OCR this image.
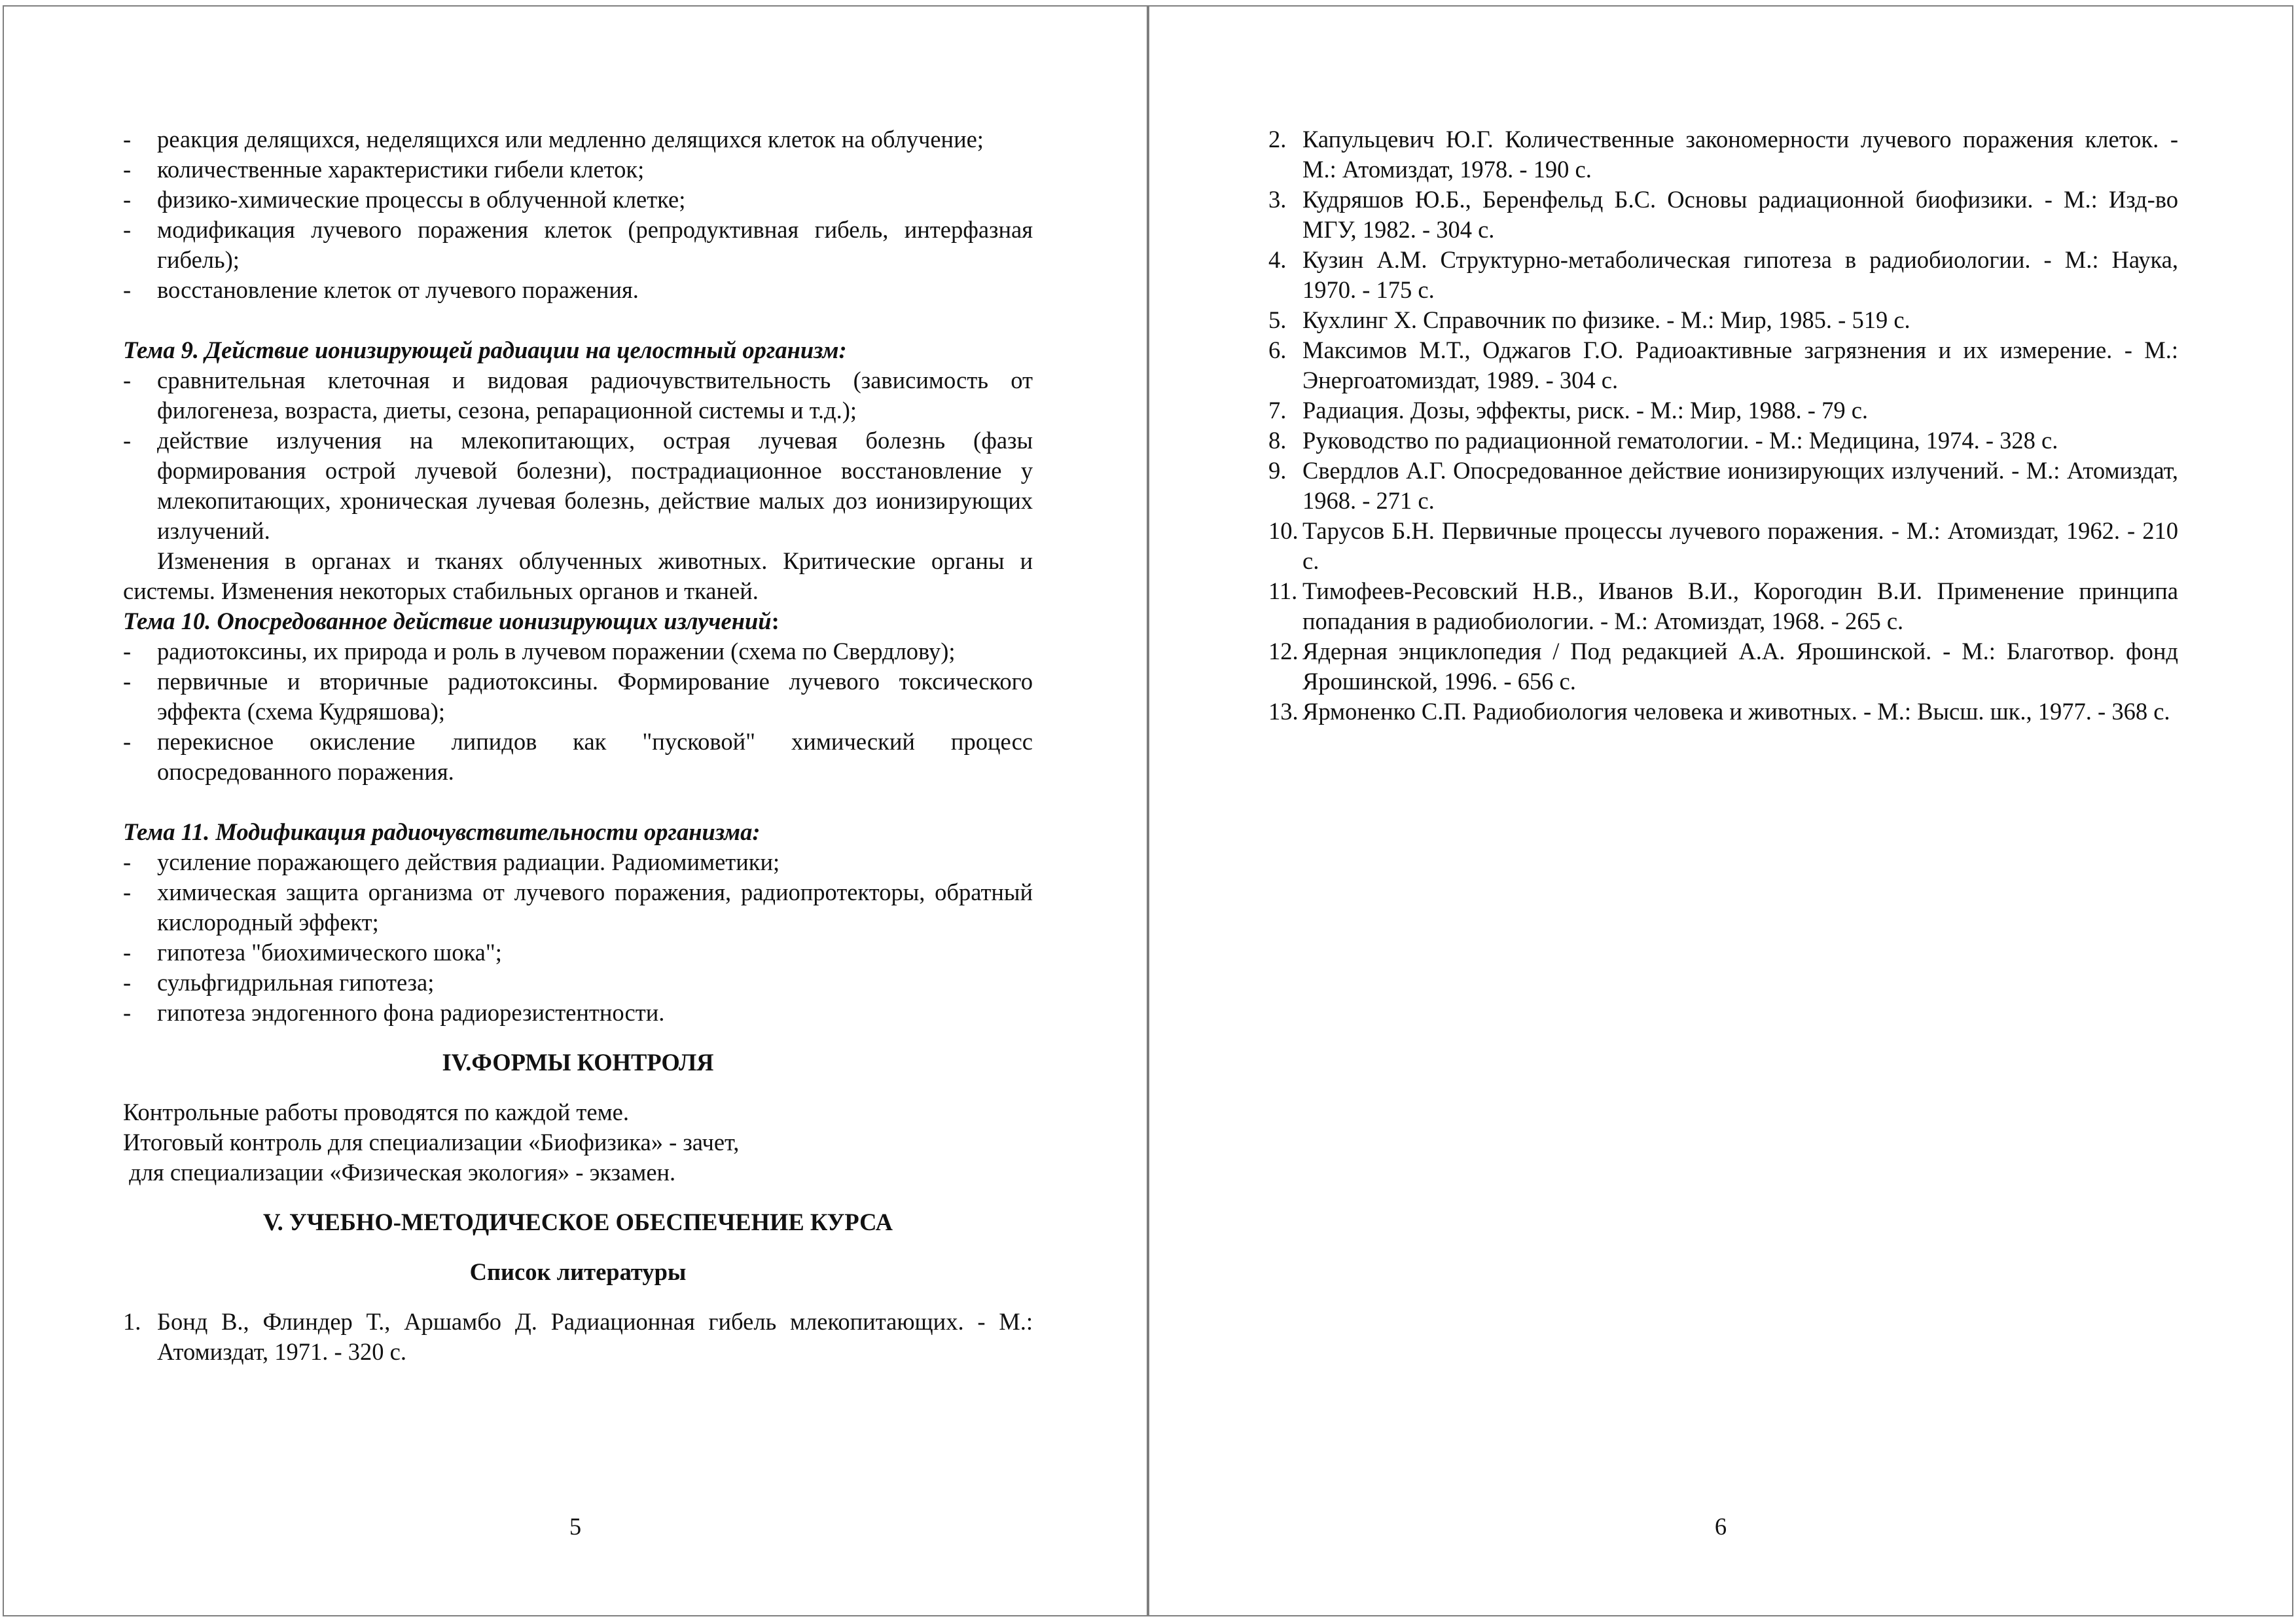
- реакция делящихся, неделящихся или медленно делящихся клеток на облучение;
- количественные характеристики гибели клеток;
- физико-химические процессы в облученной клетке;
- модификация лучевого поражения клеток (репродуктивная гибель, интерфазная гибель);
- восстановление клеток от лучевого поражения.
Тема 9. Действие ионизирующей радиации на целостный организм:
- сравнительная клеточная и видовая радиочувствительность (зависимость от филогенеза, возраста, диеты, сезона, репарационной системы и т.д.);
- действие излучения на млекопитающих, острая лучевая болезнь (фазы формирования острой лучевой болезни), пострадиационное восстановление у млекопитающих, хроническая лучевая болезнь, действие малых доз ионизирующих излучений.
Изменения в органах и тканях облученных животных. Критические органы и системы. Изменения некоторых стабильных органов и тканей.
Тема 10. Опосредованное действие ионизирующих излучений:
- радиотоксины, их природа и роль в лучевом поражении (схема по Свердлову);
- первичные и вторичные радиотоксины. Формирование лучевого токсического эффекта (схема Кудряшова);
- перекисное окисление липидов как "пусковой" химический процесс опосредованного поражения.
Тема 11. Модификация радиочувствительности организма:
- усиление поражающего действия радиации. Радиомиметики;
- химическая защита организма от лучевого поражения, радиопротекторы, обратный кислородный эффект;
- гипотеза "биохимического шока";
- сульфгидрильная гипотеза;
- гипотеза эндогенного фона радиорезистентности.
IV.ФОРМЫ КОНТРОЛЯ
Контрольные работы проводятся по каждой теме.
Итоговый контроль для специализации «Биофизика» - зачет,
для специализации «Физическая экология» - экзамен.
V. УЧЕБНО-МЕТОДИЧЕСКОЕ ОБЕСПЕЧЕНИЕ КУРСА
Список литературы
1. Бонд В., Флиндер Т., Аршамбо Д. Радиационная гибель млекопитающих. - М.: Атомиздат, 1971. - 320 с.
5
2. Капульцевич Ю.Г. Количественные закономерности лучевого поражения клеток. - М.: Атомиздат, 1978. - 190 с.
3. Кудряшов Ю.Б., Беренфельд Б.С. Основы радиационной биофизики. - М.: Изд-во МГУ, 1982. - 304 с.
4. Кузин А.М. Структурно-метаболическая гипотеза в радиобиологии. - М.: Наука, 1970. - 175 с.
5. Кухлинг Х. Справочник по физике. - М.: Мир, 1985. - 519 с.
6. Максимов М.Т., Оджагов Г.О. Радиоактивные загрязнения и их измерение. - М.: Энергоатомиздат, 1989. - 304 с.
7. Радиация. Дозы, эффекты, риск. - М.: Мир, 1988. - 79 с.
8. Руководство по радиационной гематологии. - М.: Медицина, 1974. - 328 с.
9. Свердлов А.Г. Опосредованное действие ионизирующих излучений. - М.: Атомиздат, 1968. - 271 с.
10. Тарусов Б.Н. Первичные процессы лучевого поражения. - М.: Атомиздат, 1962. - 210 с.
11. Тимофеев-Ресовский Н.В., Иванов В.И., Корогодин В.И. Применение принципа попадания в радиобиологии. - М.: Атомиздат, 1968. - 265 с.
12. Ядерная энциклопедия / Под редакцией А.А. Ярошинской. - М.: Благотвор. фонд Ярошинской, 1996. - 656 с.
13. Ярмоненко С.П. Радиобиология человека и животных. - М.: Высш. шк., 1977. - 368 с.
6
